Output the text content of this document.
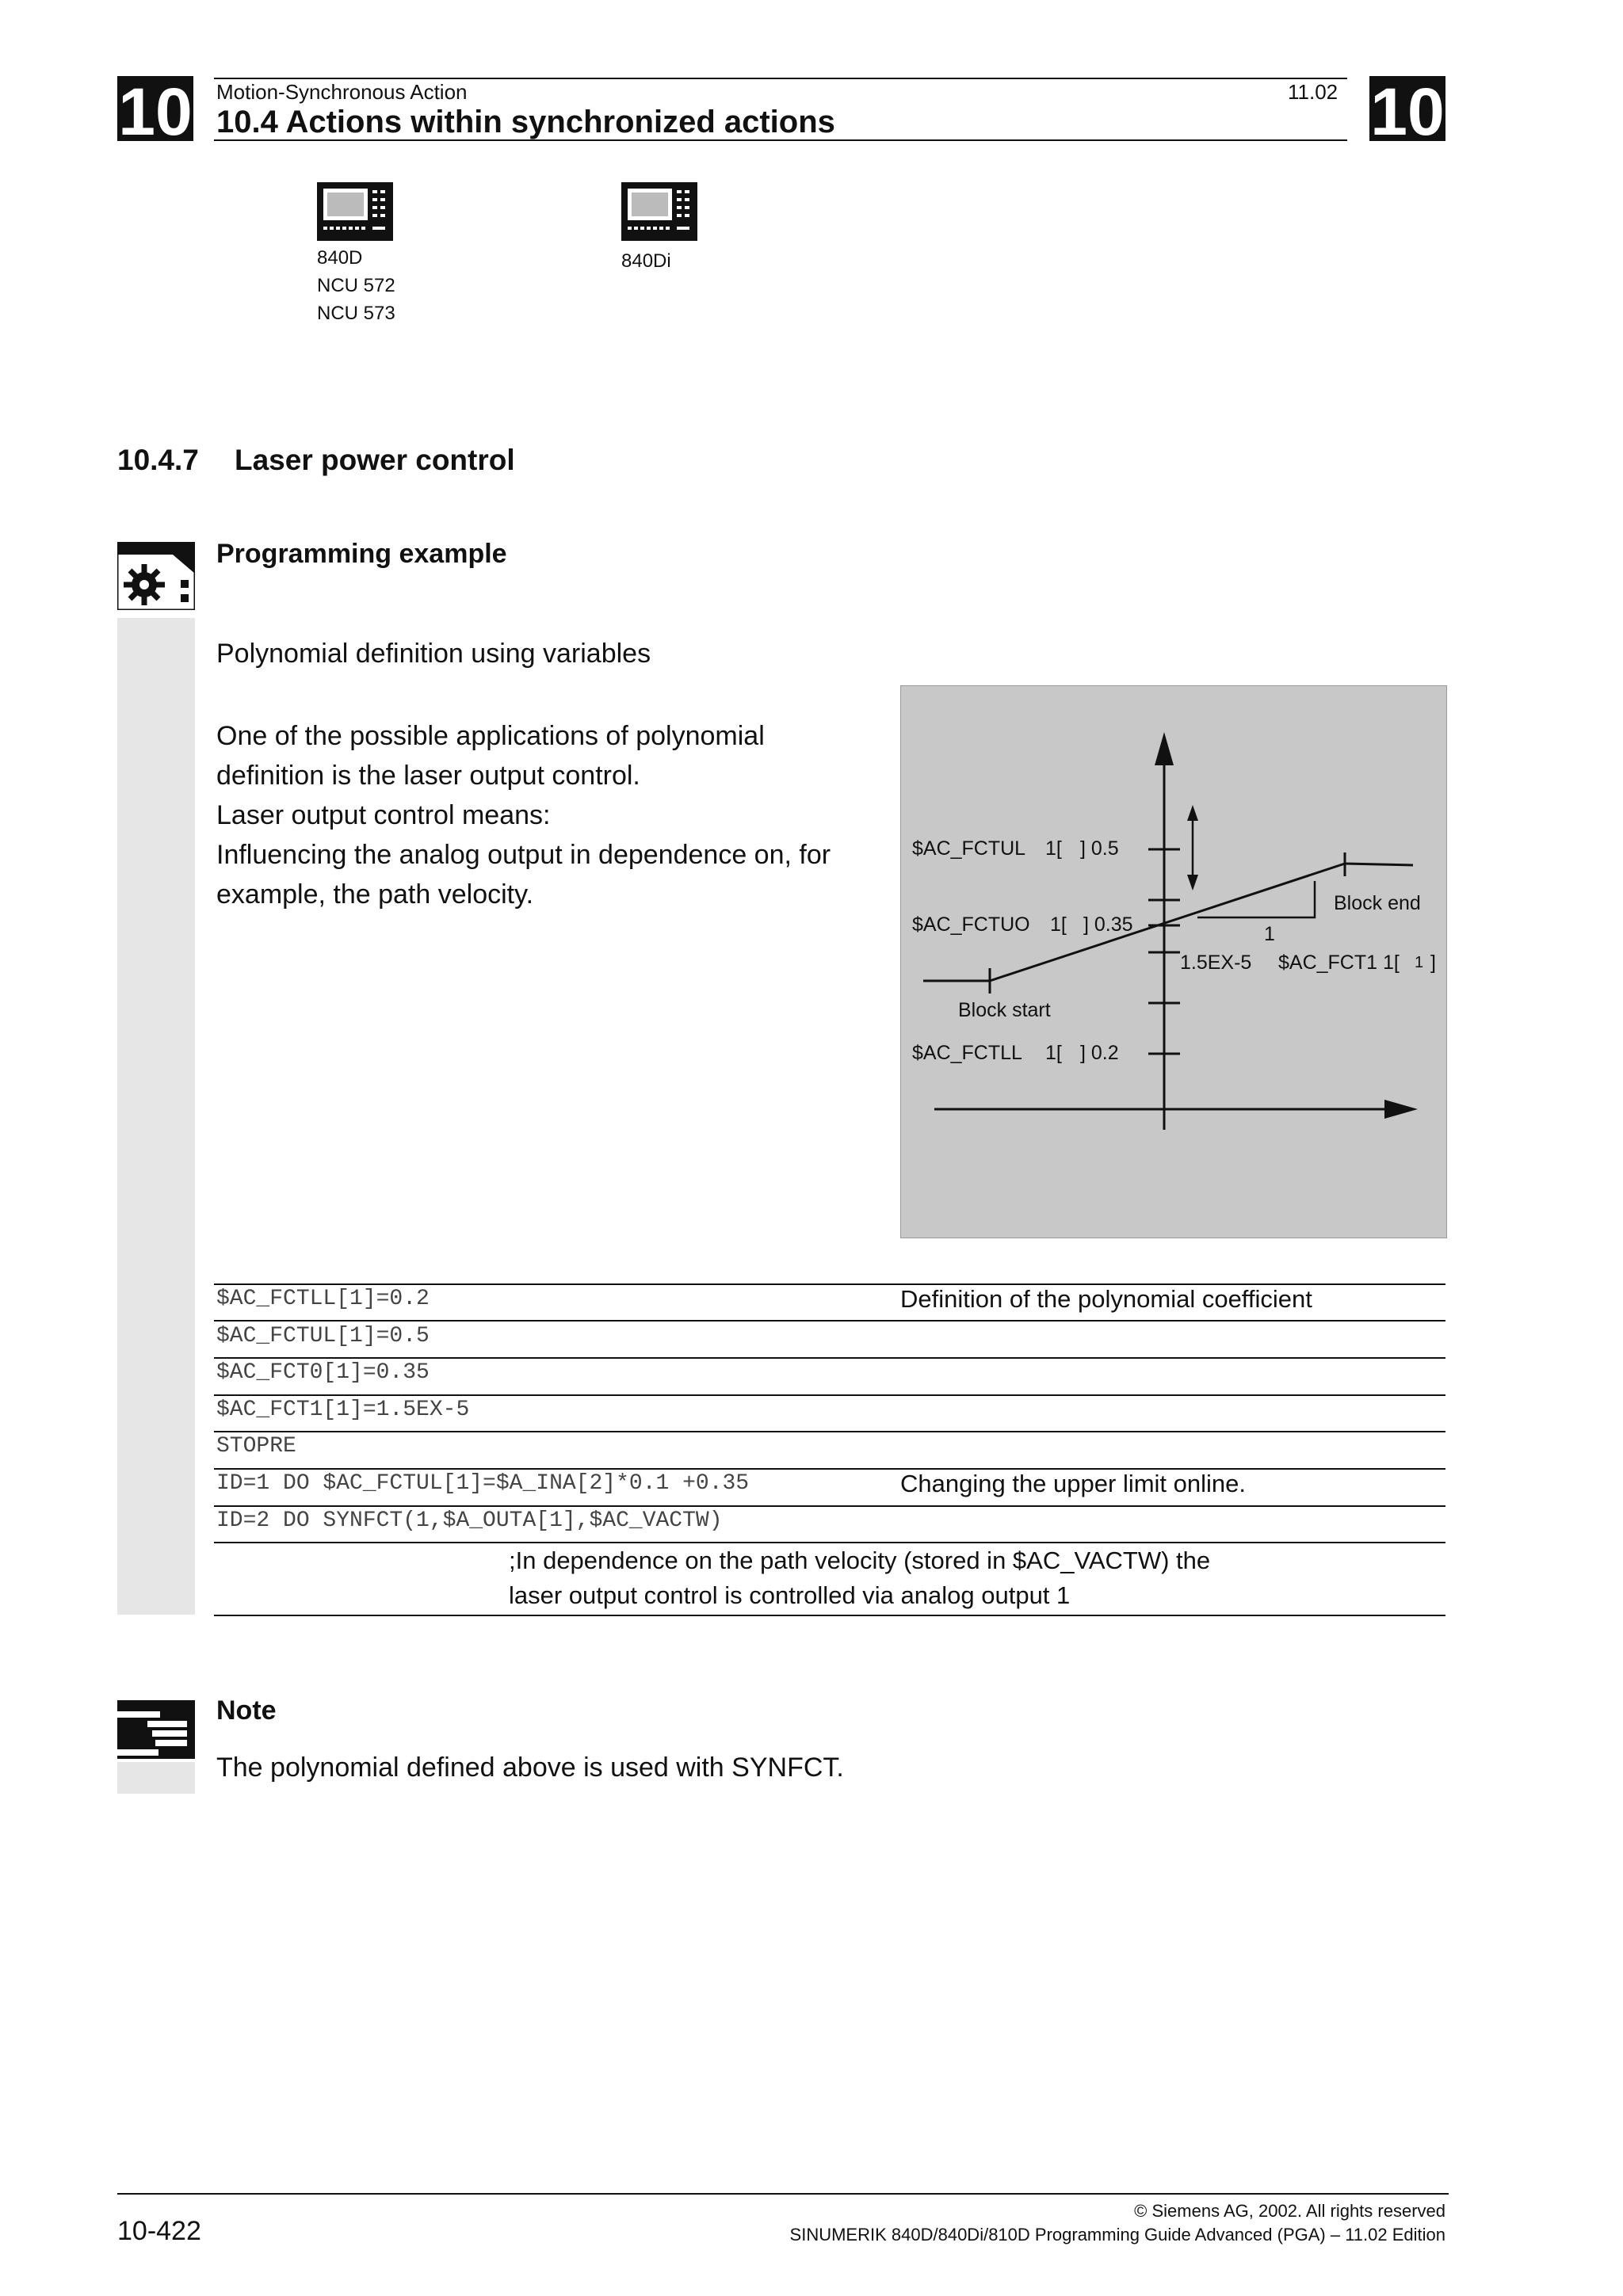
10	10
Motion-Synchronous Action	11.02
10.4 Actions within synchronized actions
840D
NCU 572
NCU 573
840Di
10.4.7 Laser power control
Programming example
Polynomial definition using variables
One of the possible applications of polynomial
definition is the laser output control.
Laser output control means:
Influencing the analog output in dependence on, for
example, the path velocity.
$AC_FCTUL 1[ ] 0.5
$AC_FCTUO 1[ ] 0.35
$AC_FCTLL 1[ ] 0.2
1
1.5EX-5 $AC_FCT1 1[ 1 ]
Block end
Block start
$AC_FCTLL[1]=0.2	Definition of the polynomial coefficient
$AC_FCTUL[1]=0.5
$AC_FCT0[1]=0.35
$AC_FCT1[1]=1.5EX-5
STOPRE
ID=1 DO $AC_FCTUL[1]=$A_INA[2]*0.1 +0.35	Changing the upper limit online.
ID=2 DO SYNFCT(1,$A_OUTA[1],$AC_VACTW)
;In dependence on the path velocity (stored in $AC_VACTW) the
laser output control is controlled via analog output 1
Note
The polynomial defined above is used with SYNFCT.
10-422
© Siemens AG, 2002. All rights reserved
SINUMERIK 840D/840Di/810D Programming Guide Advanced (PGA) – 11.02 Edition
